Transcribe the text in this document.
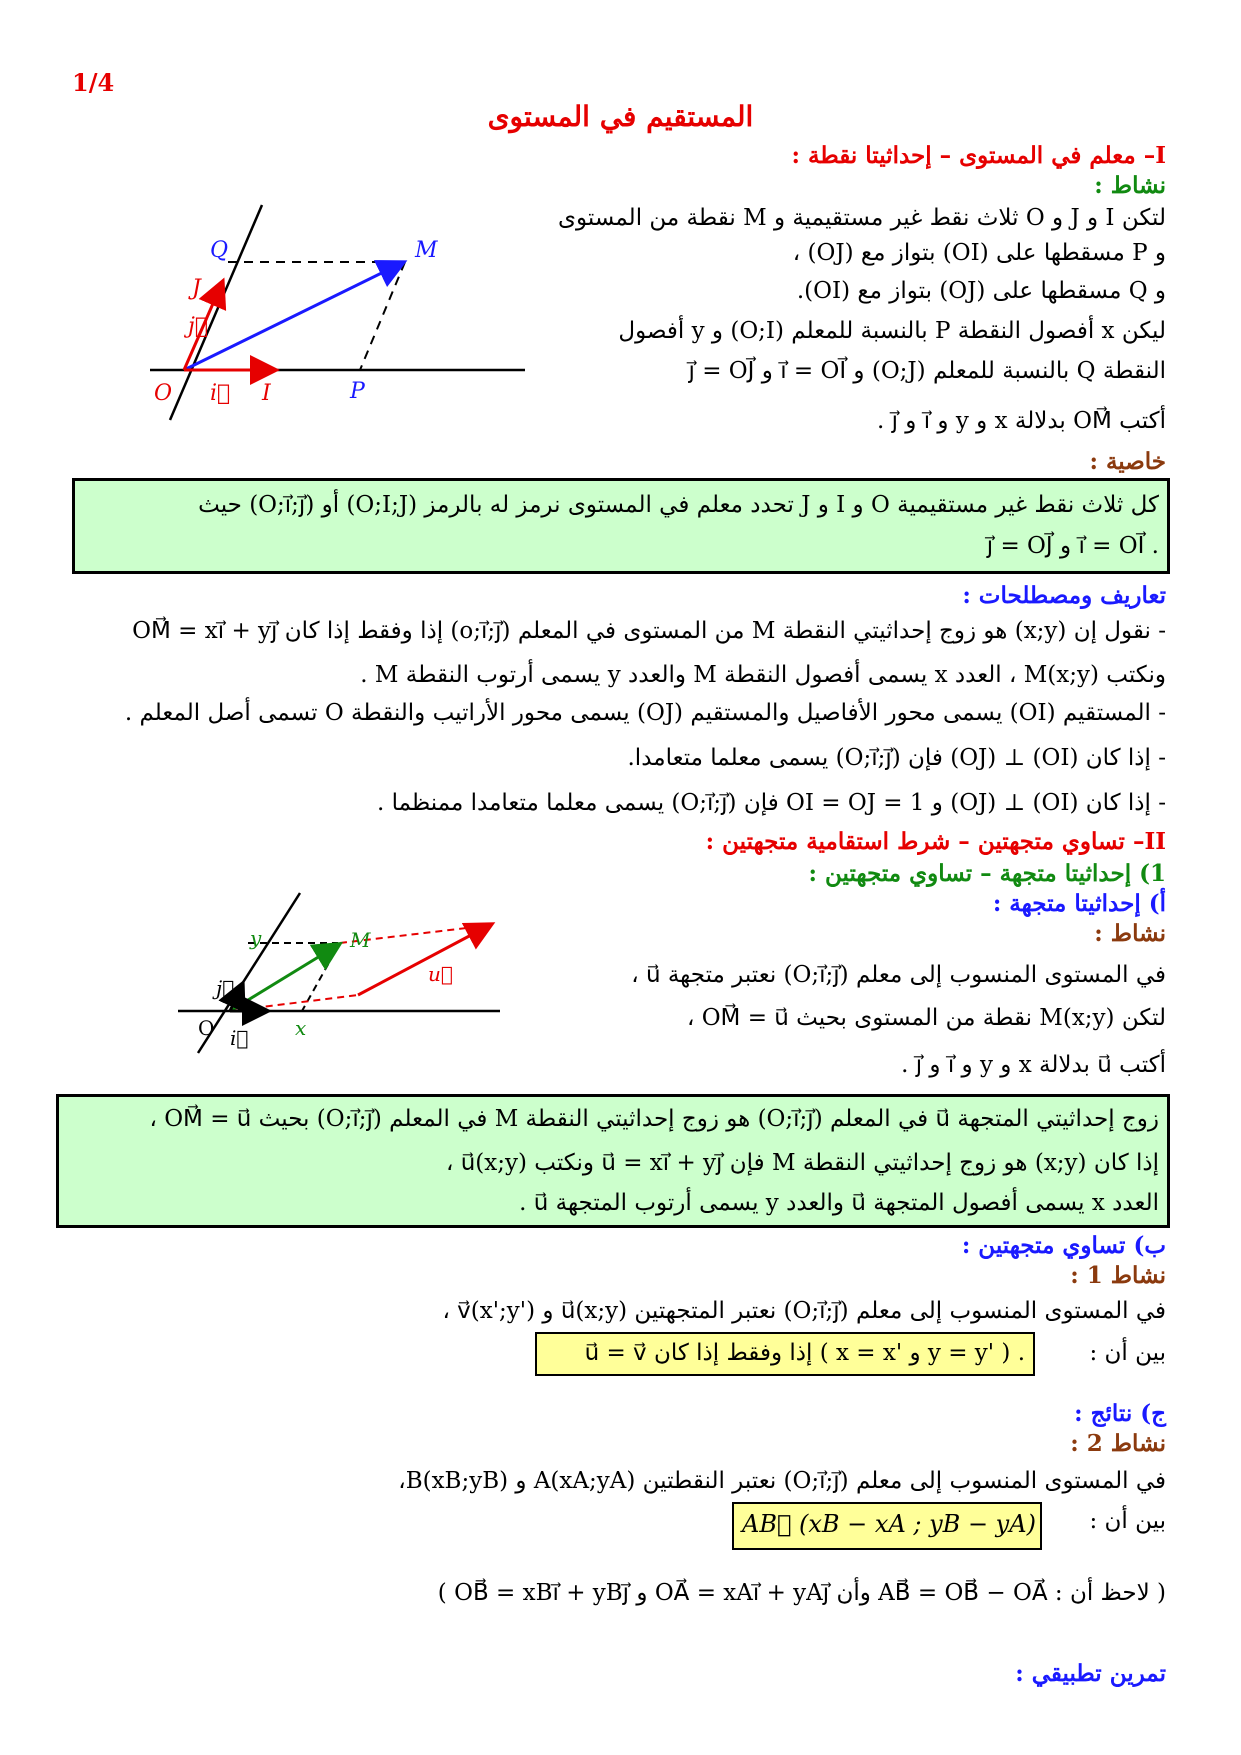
1/4
المستقيم في المستوى
I– معلم في المستوى – إحداثيتا نقطة :
نشاط :
لتكن I و J و O ثلاث نقط غير مستقيمية و M نقطة من المستوى
و P مسقطها على (OI) بتواز مع (OJ) ،
و Q مسقطها على (OJ) بتواز مع (OI).
ليكن x أفصول النقطة P بالنسبة للمعلم (O;I) و y أفصول
النقطة Q بالنسبة للمعلم (O;J) و i⃗ = OI⃗ و j⃗ = OJ⃗
أكتب OM⃗ بدلالة x و y و i⃗ و j⃗ .
O i⃗ I	P
Q	M
J
j⃗
خاصية :
كل ثلاث نقط غير مستقيمية O و I و J تحدد معلم في المستوى نرمز له بالرمز (O;I;J) أو (O;i⃗;j⃗) حيث
. i⃗ = OI⃗ و j⃗ = OJ⃗
تعاريف ومصطلحات :
- نقول إن (x;y) هو زوج إحداثيتي النقطة M من المستوى في المعلم (o;i⃗;j⃗) إذا وفقط إذا كان OM⃗ = xi⃗ + yj⃗
ونكتب M(x;y) ، العدد x يسمى أفصول النقطة M والعدد y يسمى أرتوب النقطة M .
- المستقيم (OI) يسمى محور الأفاصيل والمستقيم (OJ) يسمى محور الأراتيب والنقطة O تسمى أصل المعلم .
- إذا كان (OI) ⊥ (OJ) فإن (O;i⃗;j⃗) يسمى معلما متعامدا.
- إذا كان (OI) ⊥ (OJ) و OI = OJ = 1 فإن (O;i⃗;j⃗) يسمى معلما متعامدا ممنظما .
II– تساوي متجهتين – شرط استقامية متجهتين :
1) إحداثيتا متجهة – تساوي متجهتين :
أ) إحداثيتا متجهة :
نشاط :
في المستوى المنسوب إلى معلم (O;i⃗;j⃗) نعتبر متجهة u⃗ ،
لتكن M(x;y) نقطة من المستوى بحيث OM⃗ = u⃗ ،
أكتب u⃗ بدلالة x و y و i⃗ و j⃗ .
O i⃗
j⃗
x
y	M
u⃗
زوج إحداثيتي المتجهة u⃗ في المعلم (O;i⃗;j⃗) هو زوج إحداثيتي النقطة M في المعلم (O;i⃗;j⃗) بحيث OM⃗ = u⃗ ،
إذا كان (x;y) هو زوج إحداثيتي النقطة M فإن u⃗ = xi⃗ + yj⃗ ونكتب u⃗(x;y) ،
العدد x يسمى أفصول المتجهة u⃗ والعدد y يسمى أرتوب المتجهة u⃗ .
ب) تساوي متجهتين :
نشاط 1 :
في المستوى المنسوب إلى معلم (O;i⃗;j⃗) نعتبر المتجهتين u⃗(x;y) و v⃗(x';y') ،
بين أن :
u⃗ = v⃗ إذا وفقط إذا كان ( x = x' و y = y' ) .
ج) نتائج :
نشاط 2 :
في المستوى المنسوب إلى معلم (O;i⃗;j⃗) نعتبر النقطتين A(xA;yA) و B(xB;yB)،
بين أن :
AB⃗ (xB − xA ; yB − yA)
( لاحظ أن : AB⃗ = OB⃗ − OA⃗ وأن OA⃗ = xAi⃗ + yAj⃗ و OB⃗ = xBi⃗ + yBj⃗ )
تمرين تطبيقي :
